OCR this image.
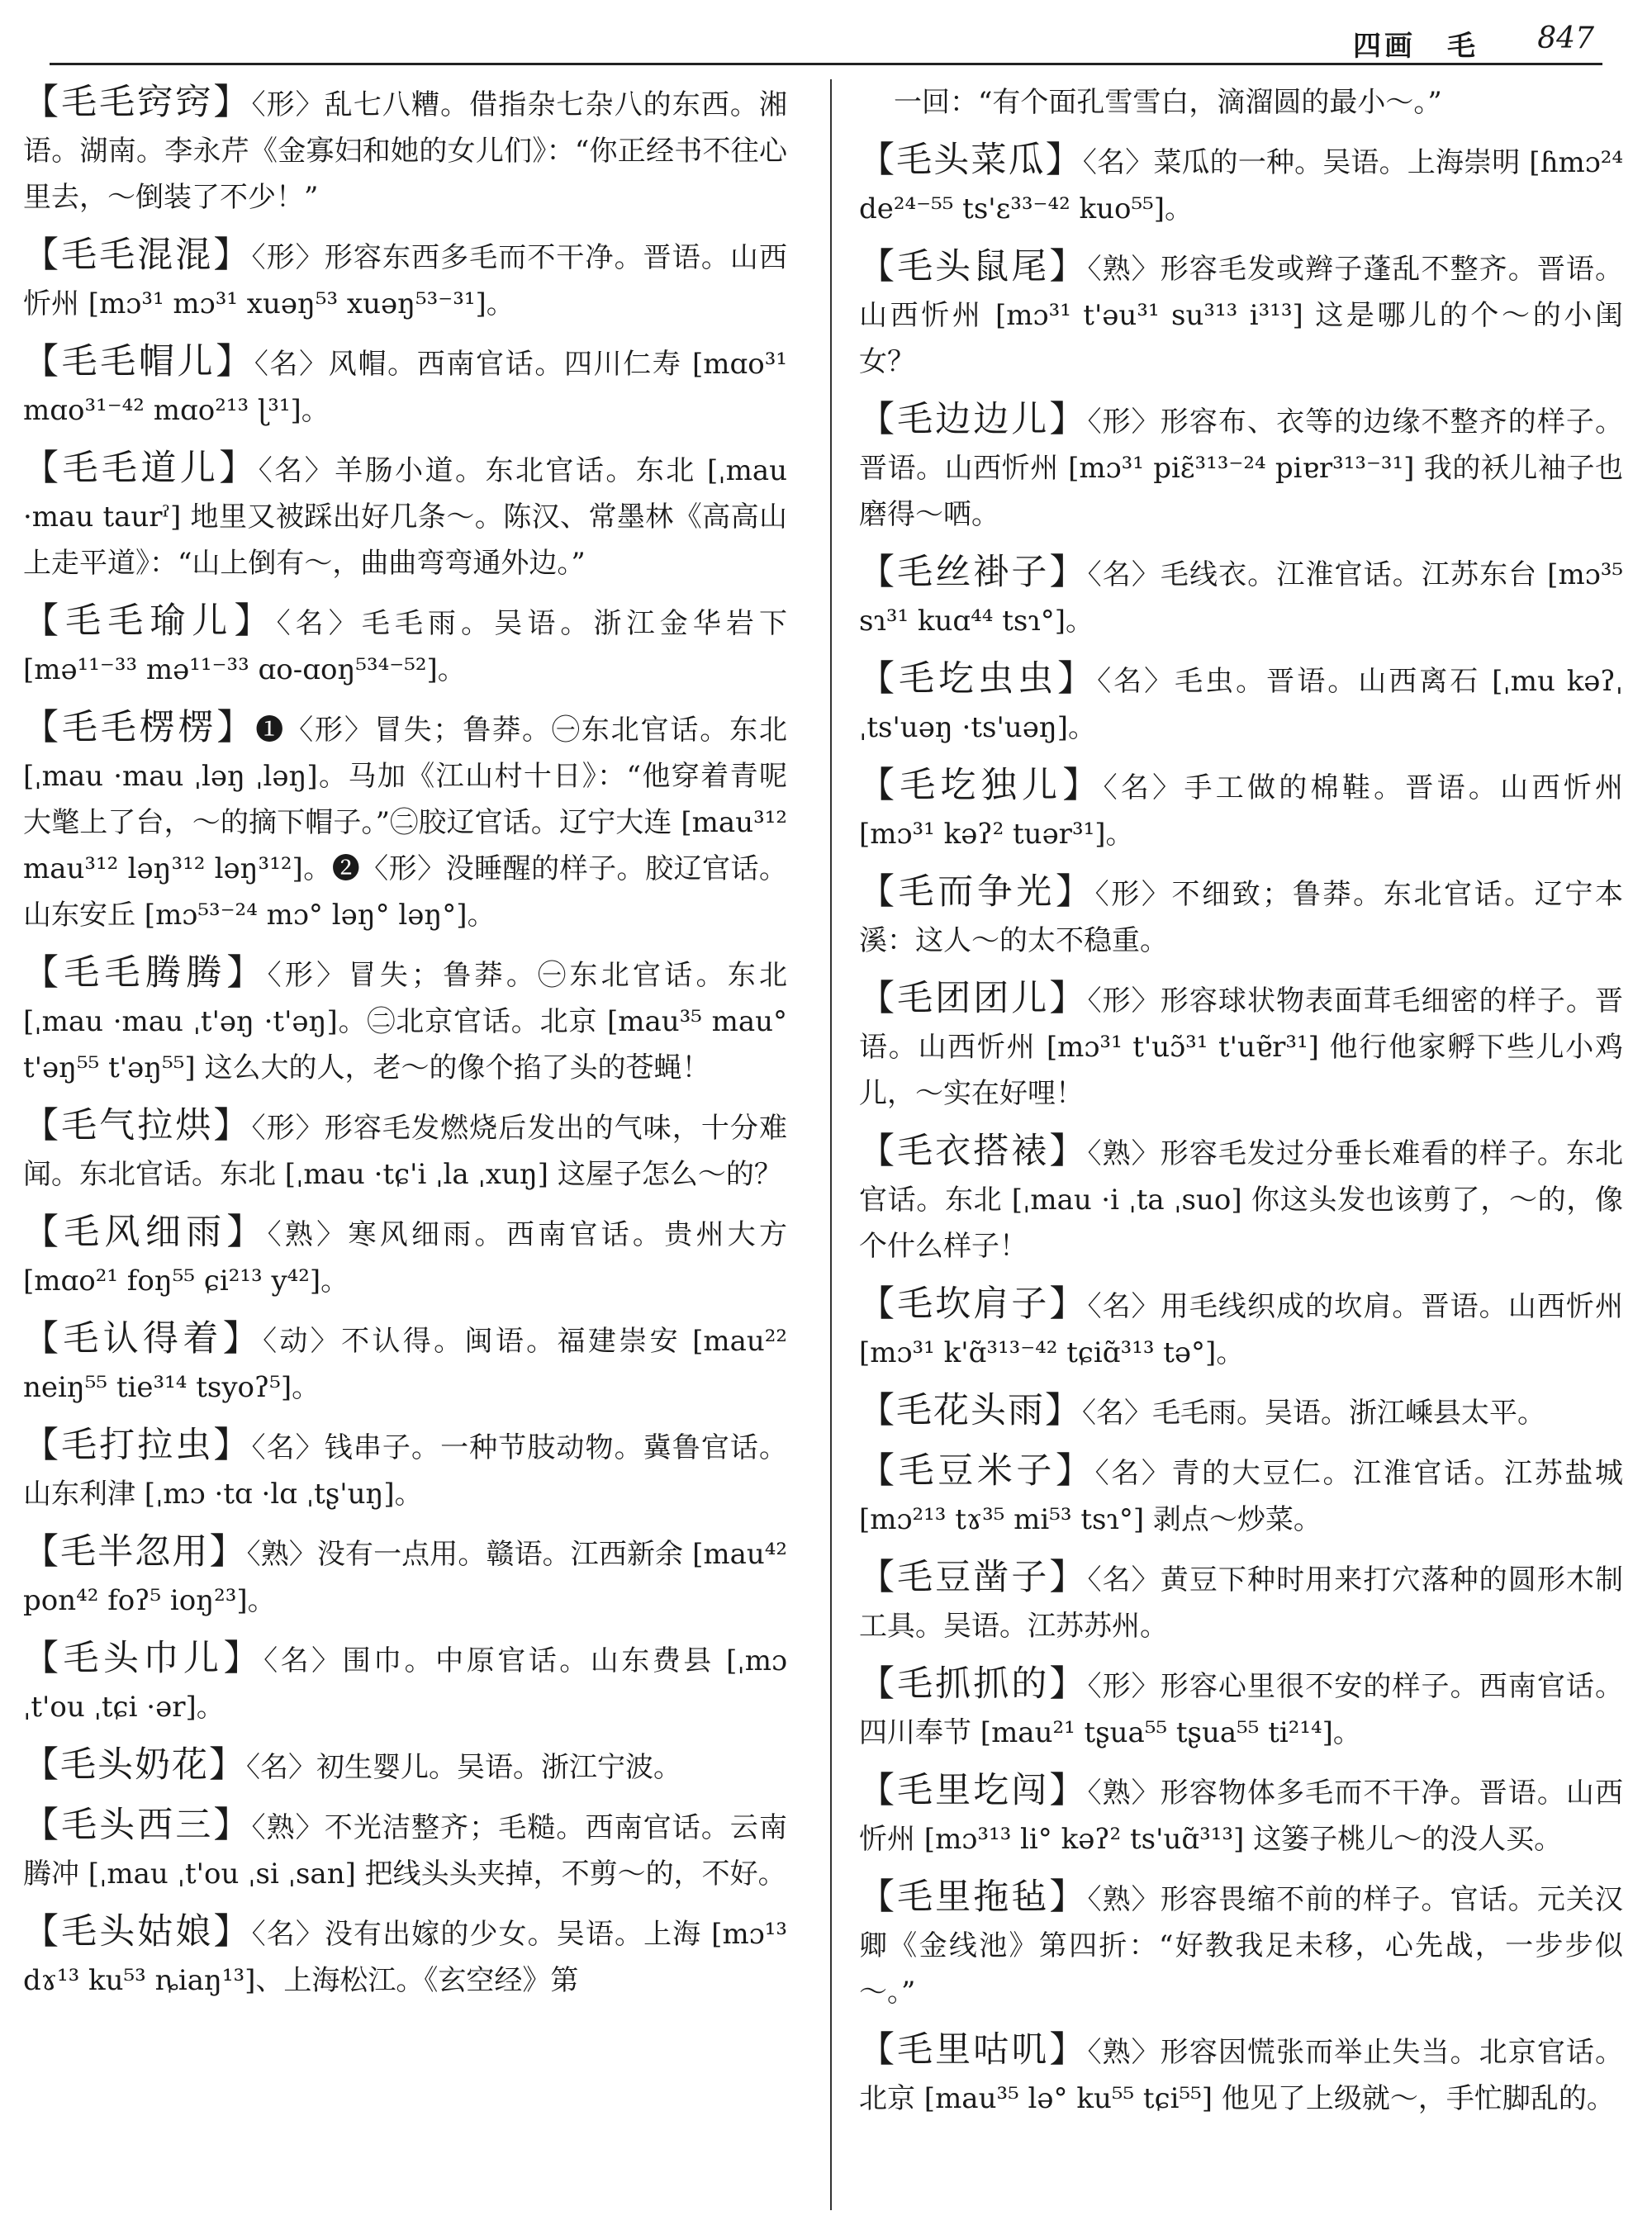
四画　毛 847

【毛毛窍窍】〈形〉乱七八糟。借指杂七杂八的东西。湘语。湖南。李永芹《金寡妇和她的女儿们》：“你正经书不往心里去，～倒装了不少！”

【毛毛混混】〈形〉形容东西多毛而不干净。晋语。山西忻州 [mɔ³¹ mɔ³¹ xuəŋ⁵³ xuəŋ⁵³⁻³¹]。

【毛毛帽儿】〈名〉风帽。西南官话。四川仁寿 [mɑo³¹ mɑo³¹⁻⁴² mɑo²¹³ ɭ³¹]。

【毛毛道儿】〈名〉羊肠小道。东北官话。东北 [ˌmau ·mau taurˀ] 地里又被踩出好几条～。陈汉、常墨林《高高山上走平道》：“山上倒有～，曲曲弯弯通外边。”

【毛毛瑜儿】〈名〉毛毛雨。吴语。浙江金华岩下 [mə¹¹⁻³³ mə¹¹⁻³³ ɑo-ɑoŋ⁵³⁴⁻⁵²]。

【毛毛楞楞】❶〈形〉冒失；鲁莽。㊀东北官话。东北 [ˌmau ·mau ˌləŋ ˌləŋ]。马加《江山村十日》：“他穿着青呢大氅上了台，～的摘下帽子。”㊁胶辽官话。辽宁大连 [mau³¹² mau³¹² ləŋ³¹² ləŋ³¹²]。❷〈形〉没睡醒的样子。胶辽官话。山东安丘 [mɔ⁵³⁻²⁴ mɔ° ləŋ° ləŋ°]。

【毛毛腾腾】〈形〉冒失；鲁莽。㊀东北官话。东北 [ˌmau ·mau ˌt'əŋ ·t'əŋ]。㊁北京官话。北京 [mau³⁵ mau° t'əŋ⁵⁵ t'əŋ⁵⁵] 这么大的人，老～的像个掐了头的苍蝇！

【毛气拉烘】〈形〉形容毛发燃烧后发出的气味，十分难闻。东北官话。东北 [ˌmau ·tɕ'i ˌla ˌxuŋ] 这屋子怎么～的？

【毛风细雨】〈熟〉寒风细雨。西南官话。贵州大方 [mɑo²¹ foŋ⁵⁵ ɕi²¹³ y⁴²]。

【毛认得着】〈动〉不认得。闽语。福建崇安 [mau²² neiŋ⁵⁵ tie³¹⁴ tsyoʔ⁵]。

【毛打拉虫】〈名〉钱串子。一种节肢动物。冀鲁官话。山东利津 [ˌmɔ ·tɑ ·lɑ ˌtʂ'uŋ]。

【毛半忽用】〈熟〉没有一点用。赣语。江西新余 [mau⁴² pon⁴² foʔ⁵ ioŋ²³]。

【毛头巾儿】〈名〉围巾。中原官话。山东费县 [ˌmɔ ˌt'ou ˌtɕi ·ər]。

【毛头奶花】〈名〉初生婴儿。吴语。浙江宁波。

【毛头西三】〈熟〉不光洁整齐；毛糙。西南官话。云南腾冲 [ˌmau ˌt'ou ˌsi ˌsan] 把线头头夹掉，不剪～的，不好。

【毛头姑娘】〈名〉没有出嫁的少女。吴语。上海 [mɔ¹³ dɤ¹³ ku⁵³ ȵiaŋ¹³]、上海松江。《玄空经》第

一回：“有个面孔雪雪白，滴溜圆的最小～。”

【毛头菜瓜】〈名〉菜瓜的一种。吴语。上海崇明 [ɦmɔ²⁴ de²⁴⁻⁵⁵ ts'ɛ³³⁻⁴² kuo⁵⁵]。

【毛头鼠尾】〈熟〉形容毛发或辫子蓬乱不整齐。晋语。山西忻州 [mɔ³¹ t'əu³¹ su³¹³ i³¹³] 这是哪儿的个～的小闺女？

【毛边边儿】〈形〉形容布、衣等的边缘不整齐的样子。晋语。山西忻州 [mɔ³¹ piɛ̃³¹³⁻²⁴ piɐr³¹³⁻³¹] 我的袄儿袖子也磨得～哂。

【毛丝褂子】〈名〉毛线衣。江淮官话。江苏东台 [mɔ³⁵ sɿ³¹ kuɑ⁴⁴ tsɿ°]。

【毛圪虫虫】〈名〉毛虫。晋语。山西离石 [ˌmu kəʔˌ ˌts'uəŋ ·ts'uəŋ]。

【毛圪独儿】〈名〉手工做的棉鞋。晋语。山西忻州 [mɔ³¹ kəʔ² tuər³¹]。

【毛而争光】〈形〉不细致；鲁莽。东北官话。辽宁本溪：这人～的太不稳重。

【毛团团儿】〈形〉形容球状物表面茸毛细密的样子。晋语。山西忻州 [mɔ³¹ t'uɔ̃³¹ t'uɐ̃r³¹] 他行他家孵下些儿小鸡儿，～实在好哩！

【毛衣搭裱】〈熟〉形容毛发过分垂长难看的样子。东北官话。东北 [ˌmau ·i ˌta ˌsuo] 你这头发也该剪了，～的，像个什么样子！

【毛坎肩子】〈名〉用毛线织成的坎肩。晋语。山西忻州 [mɔ³¹ k'ɑ̃³¹³⁻⁴² tɕiɑ̃³¹³ tə°]。

【毛花头雨】〈名〉毛毛雨。吴语。浙江嵊县太平。

【毛豆米子】〈名〉青的大豆仁。江淮官话。江苏盐城 [mɔ²¹³ tɤ³⁵ mi⁵³ tsɿ°] 剥点～炒菜。

【毛豆凿子】〈名〉黄豆下种时用来打穴落种的圆形木制工具。吴语。江苏苏州。

【毛抓抓的】〈形〉形容心里很不安的样子。西南官话。四川奉节 [mau²¹ tʂua⁵⁵ tʂua⁵⁵ ti²¹⁴]。

【毛里圪闯】〈熟〉形容物体多毛而不干净。晋语。山西忻州 [mɔ³¹³ li° kəʔ² ts'uɑ̃³¹³] 这篓子桃儿～的没人买。

【毛里拖毡】〈熟〉形容畏缩不前的样子。官话。元关汉卿《金线池》第四折：“好教我足未移，心先战，一步步似～。”

【毛里咕叽】〈熟〉形容因慌张而举止失当。北京官话。北京 [mau³⁵ lə° ku⁵⁵ tɕi⁵⁵] 他见了上级就～，手忙脚乱的。
